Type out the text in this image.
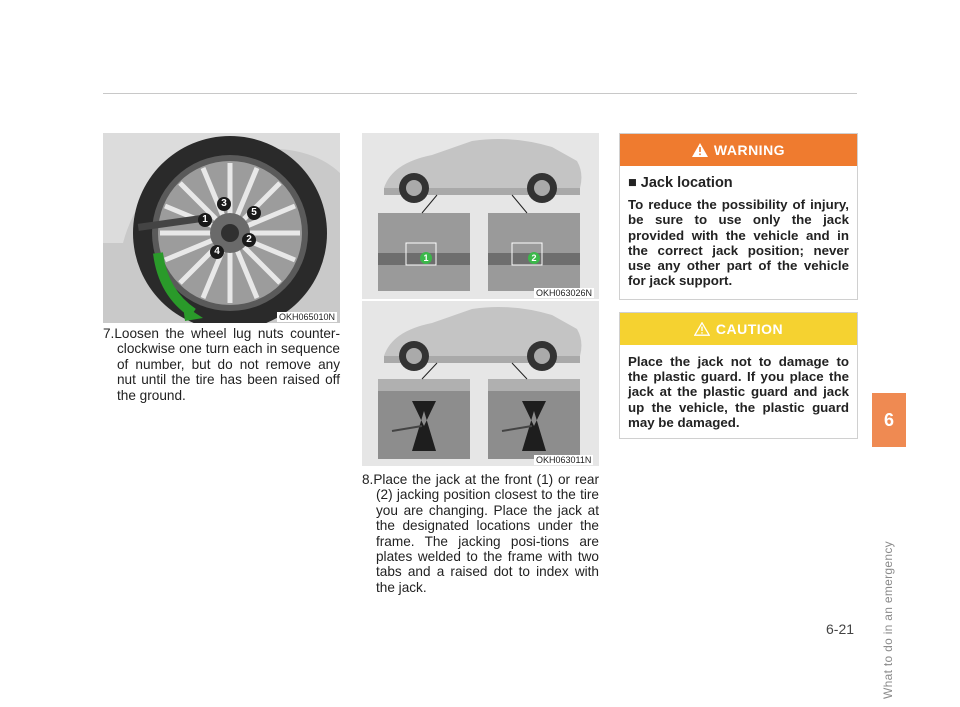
1
2
3
4
5
OKH065010N
7.Loosen the wheel lug nuts counter-clockwise one turn each in sequence of number, but do not remove any nut until the tire has been raised off the ground.
1	2
OKH063026N
OKH063011N
8.Place the jack at the front (1) or rear (2) jacking position closest to the tire you are changing. Place the jack at the designated locations under the frame. The jacking posi-tions are plates welded to the frame with two tabs and a raised dot to index with the jack.
WARNING
■ Jack location
To reduce the possibility of injury, be sure to use only the jack provided with the vehicle and in the correct jack position; never use any other part of the vehicle for jack support.
CAUTION
Place the jack not to damage to the plastic guard. If you place the jack at the plastic guard and jack up the vehicle, the plastic guard may be damaged.	6
What to do in an emergency
6-21
